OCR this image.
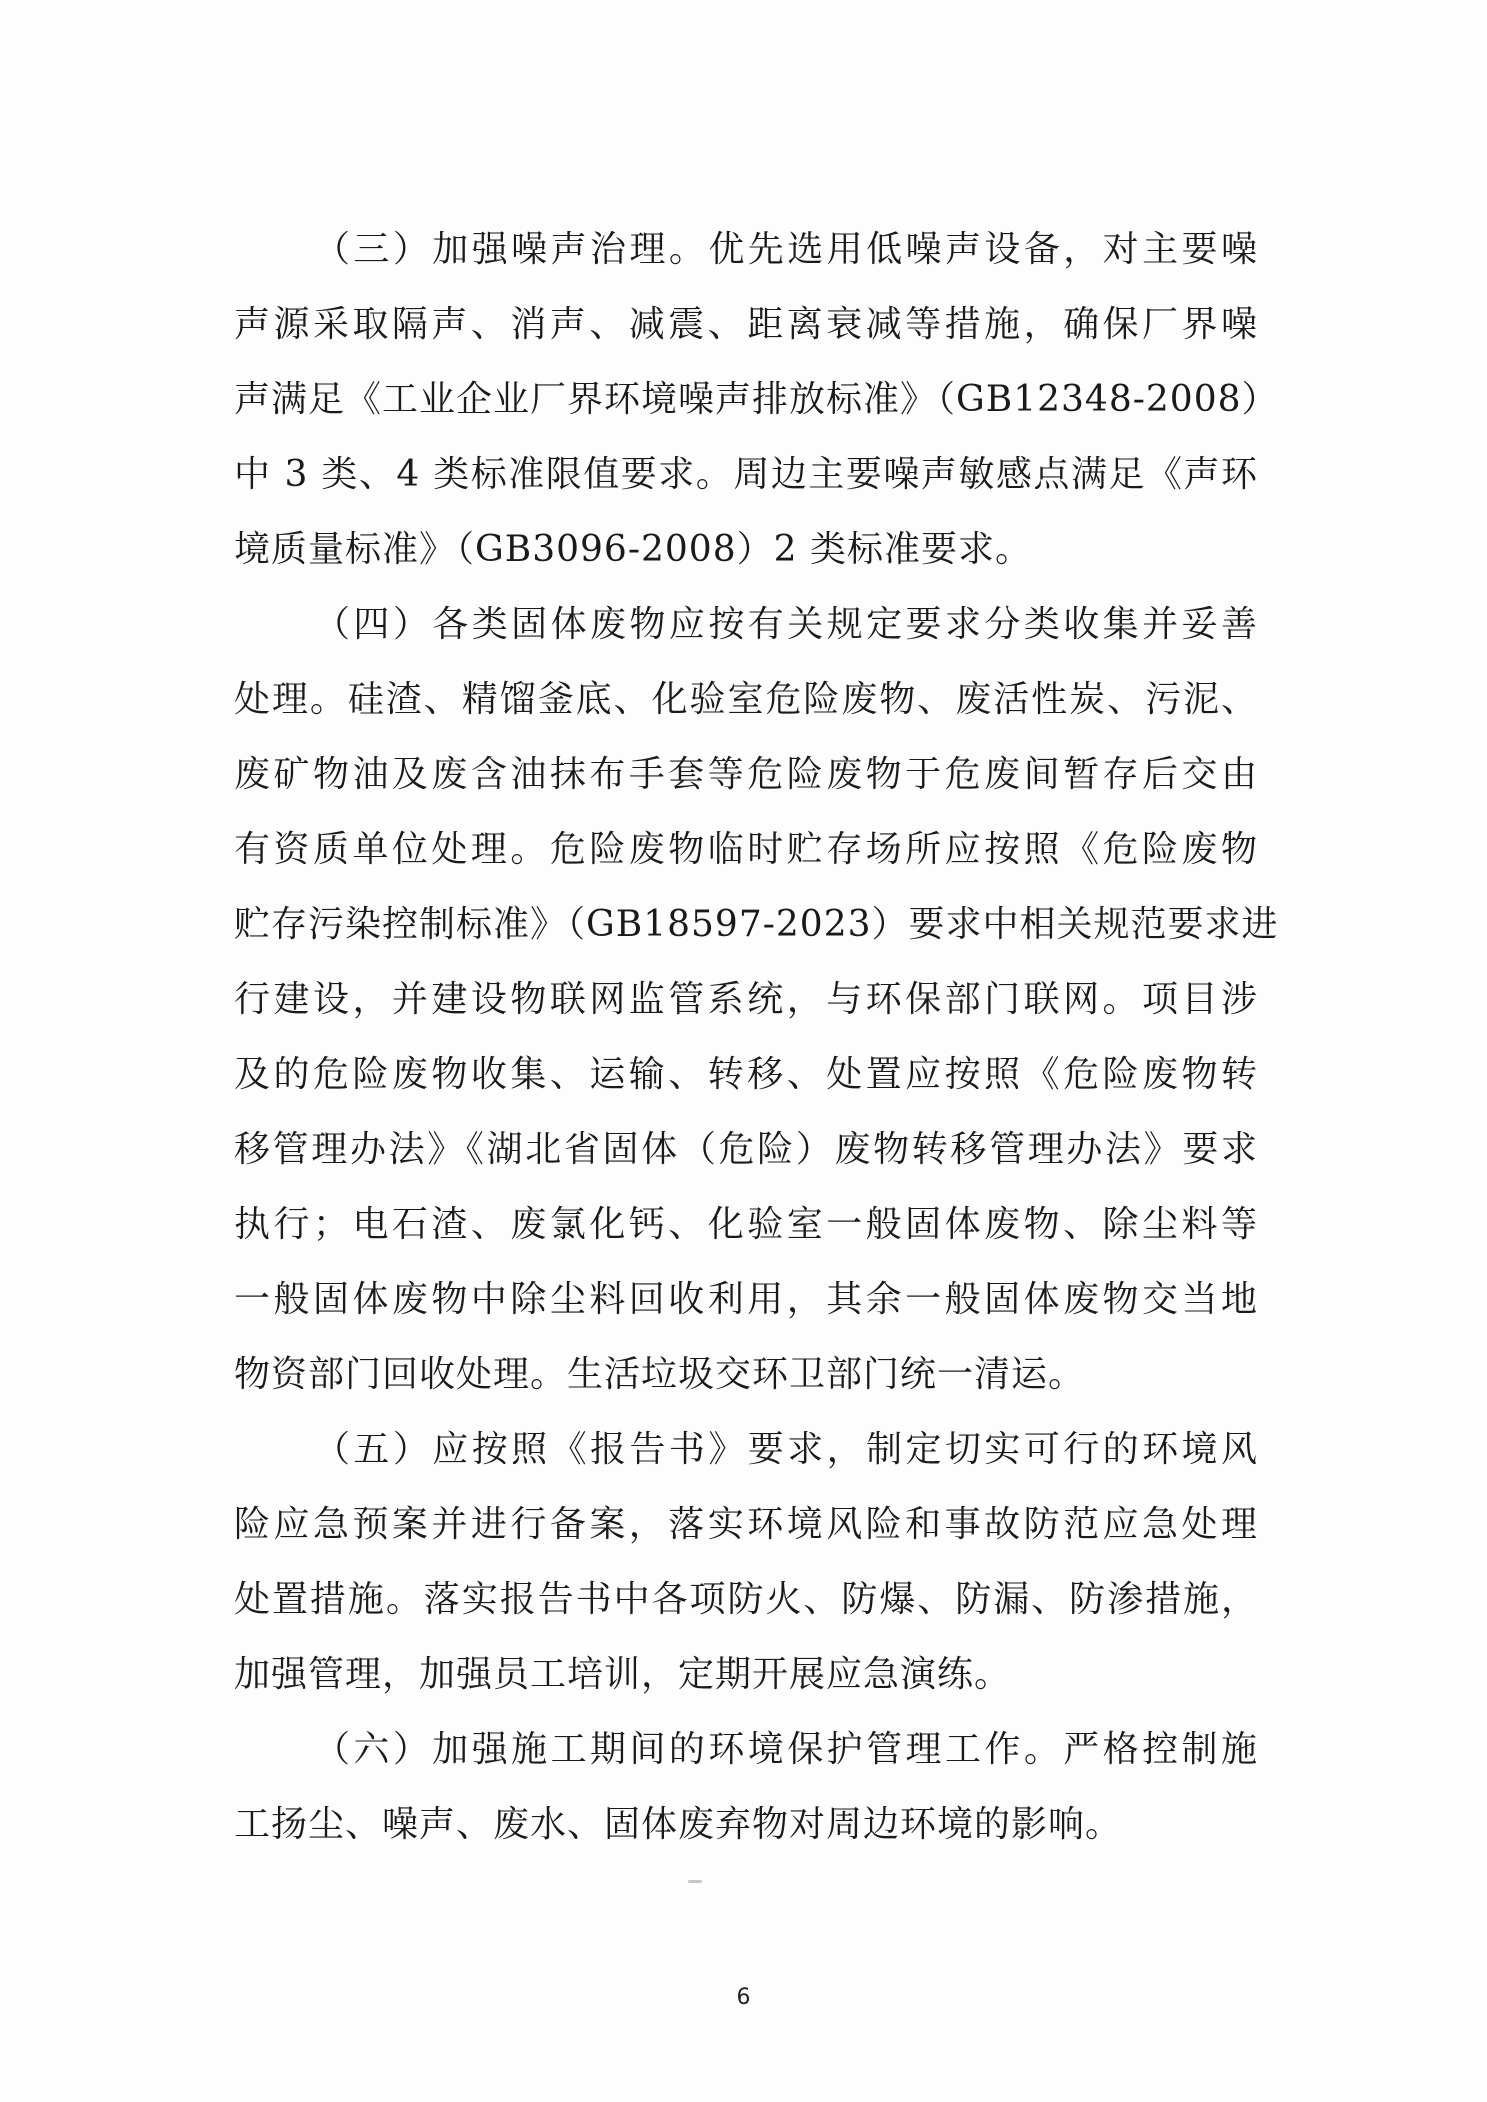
（三）加强噪声治理。优先选用低噪声设备，对主要噪

声源采取隔声、消声、减震、距离衰减等措施，确保厂界噪

声满足《工业企业厂界环境噪声排放标准》（GB12348-2008）

中 3 类、4 类标准限值要求。周边主要噪声敏感点满足《声环

境质量标准》（GB3096-2008）2 类标准要求。

（四）各类固体废物应按有关规定要求分类收集并妥善

处理。硅渣、精馏釜底、化验室危险废物、废活性炭、污泥、

废矿物油及废含油抹布手套等危险废物于危废间暂存后交由

有资质单位处理。危险废物临时贮存场所应按照《危险废物

贮存污染控制标准》（GB18597-2023）要求中相关规范要求进

行建设，并建设物联网监管系统，与环保部门联网。项目涉

及的危险废物收集、运输、转移、处置应按照《危险废物转

移管理办法》《湖北省固体（危险）废物转移管理办法》要求

执行；电石渣、废氯化钙、化验室一般固体废物、除尘料等

一般固体废物中除尘料回收利用，其余一般固体废物交当地

物资部门回收处理。生活垃圾交环卫部门统一清运。

（五）应按照《报告书》要求，制定切实可行的环境风

险应急预案并进行备案，落实环境风险和事故防范应急处理

处置措施。落实报告书中各项防火、防爆、防漏、防渗措施，

加强管理，加强员工培训，定期开展应急演练。

（六）加强施工期间的环境保护管理工作。严格控制施

工扬尘、噪声、废水、固体废弃物对周边环境的影响。

6
